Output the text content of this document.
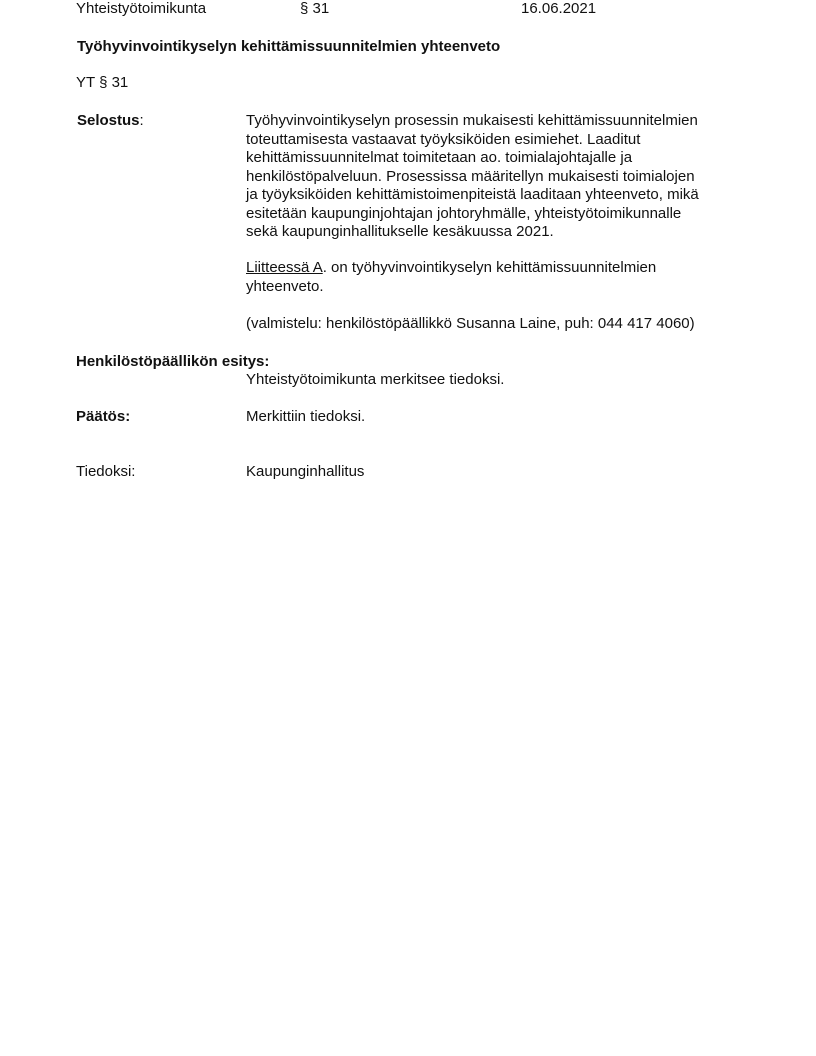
Yhteistyötoimikunta	§ 31	16.06.2021
Työhyvinvointikyselyn kehittämissuunnitelmien yhteenveto
YT § 31
Selostus:	Työhyvinvointikyselyn prosessin mukaisesti kehittämissuunnitelmien

toteuttamisesta vastaavat työyksiköiden esimiehet. Laaditut

kehittämissuunnitelmat toimitetaan ao. toimialajohtajalle ja

henkilöstöpalveluun. Prosessissa määritellyn mukaisesti toimialojen

ja työyksiköiden kehittämistoimenpiteistä laaditaan yhteenveto, mikä

esitetään kaupunginjohtajan johtoryhmälle, yhteistyötoimikunnalle

sekä kaupunginhallitukselle kesäkuussa 2021.

Liitteessä A. on työhyvinvointikyselyn kehittämissuunnitelmien

yhteenveto.

(valmistelu: henkilöstöpäällikkö Susanna Laine, puh: 044 417 4060)
Henkilöstöpäällikön esitys:
Yhteistyötoimikunta merkitsee tiedoksi.
Päätös:	Merkittiin tiedoksi.
Tiedoksi:	Kaupunginhallitus
